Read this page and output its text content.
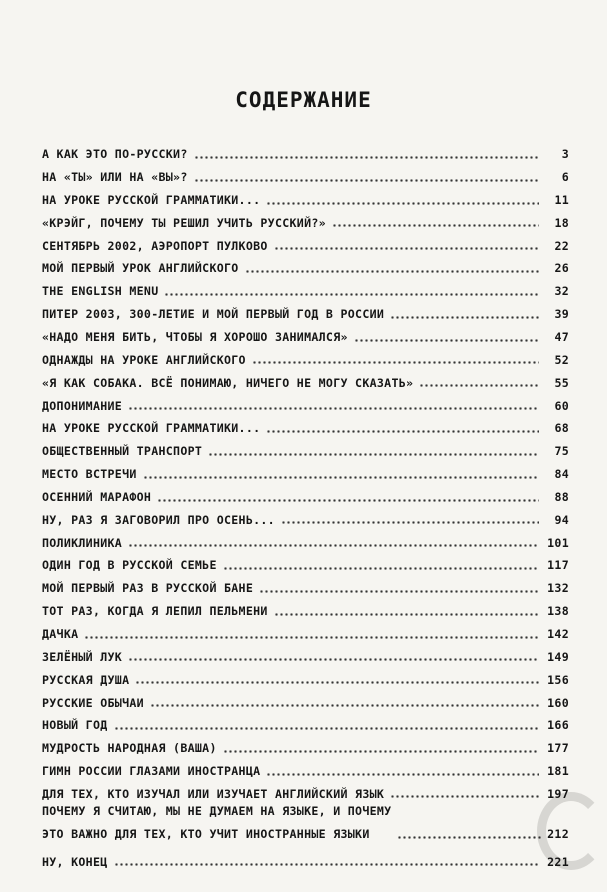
СОДЕРЖАНИЕ
А КАК ЭТО ПО-РУССКИ?	3
НА «ТЫ» ИЛИ НА «ВЫ»?	6
НА УРОКЕ РУССКОЙ ГРАММАТИКИ...	11
«КРЭЙГ, ПОЧЕМУ ТЫ РЕШИЛ УЧИТЬ РУССКИЙ?»	18
СЕНТЯБРЬ 2002, АЭРОПОРТ ПУЛКОВО	22
МОЙ ПЕРВЫЙ УРОК АНГЛИЙСКОГО	26
THE ENGLISH MENU	32
ПИТЕР 2003, 300-ЛЕТИЕ И МОЙ ПЕРВЫЙ ГОД В РОССИИ	39
«НАДО МЕНЯ БИТЬ, ЧТОБЫ Я ХОРОШО ЗАНИМАЛСЯ»	47
ОДНАЖДЫ НА УРОКЕ АНГЛИЙСКОГО	52
«Я КАК СОБАКА. ВСЁ ПОНИМАЮ, НИЧЕГО НЕ МОГУ СКАЗАТЬ»	55
ДОПОНИМАНИЕ	60
НА УРОКЕ РУССКОЙ ГРАММАТИКИ...	68
ОБЩЕСТВЕННЫЙ ТРАНСПОРТ	75
МЕСТО ВСТРЕЧИ	84
ОСЕННИЙ МАРАФОН	88
НУ, РАЗ Я ЗАГОВОРИЛ ПРО ОСЕНЬ...	94
ПОЛИКЛИНИКА	101
ОДИН ГОД В РУССКОЙ СЕМЬЕ	117
МОЙ ПЕРВЫЙ РАЗ В РУССКОЙ БАНЕ	132
ТОТ РАЗ, КОГДА Я ЛЕПИЛ ПЕЛЬМЕНИ	138
ДАЧКА	142
ЗЕЛЁНЫЙ ЛУК	149
РУССКАЯ ДУША	156
РУССКИЕ ОБЫЧАИ	160
НОВЫЙ ГОД	166
МУДРОСТЬ НАРОДНАЯ (ВАША)	177
ГИМН РОССИИ ГЛАЗАМИ ИНОСТРАНЦА	181
ДЛЯ ТЕХ, КТО ИЗУЧАЛ ИЛИ ИЗУЧАЕТ АНГЛИЙСКИЙ ЯЗЫК	197
ПОЧЕМУ Я СЧИТАЮ, МЫ НЕ ДУМАЕМ НА ЯЗЫКЕ, И ПОЧЕМУ
ЭТО ВАЖНО ДЛЯ ТЕХ, КТО УЧИТ ИНОСТРАННЫЕ ЯЗЫКИ	212
НУ, КОНЕЦ	221
